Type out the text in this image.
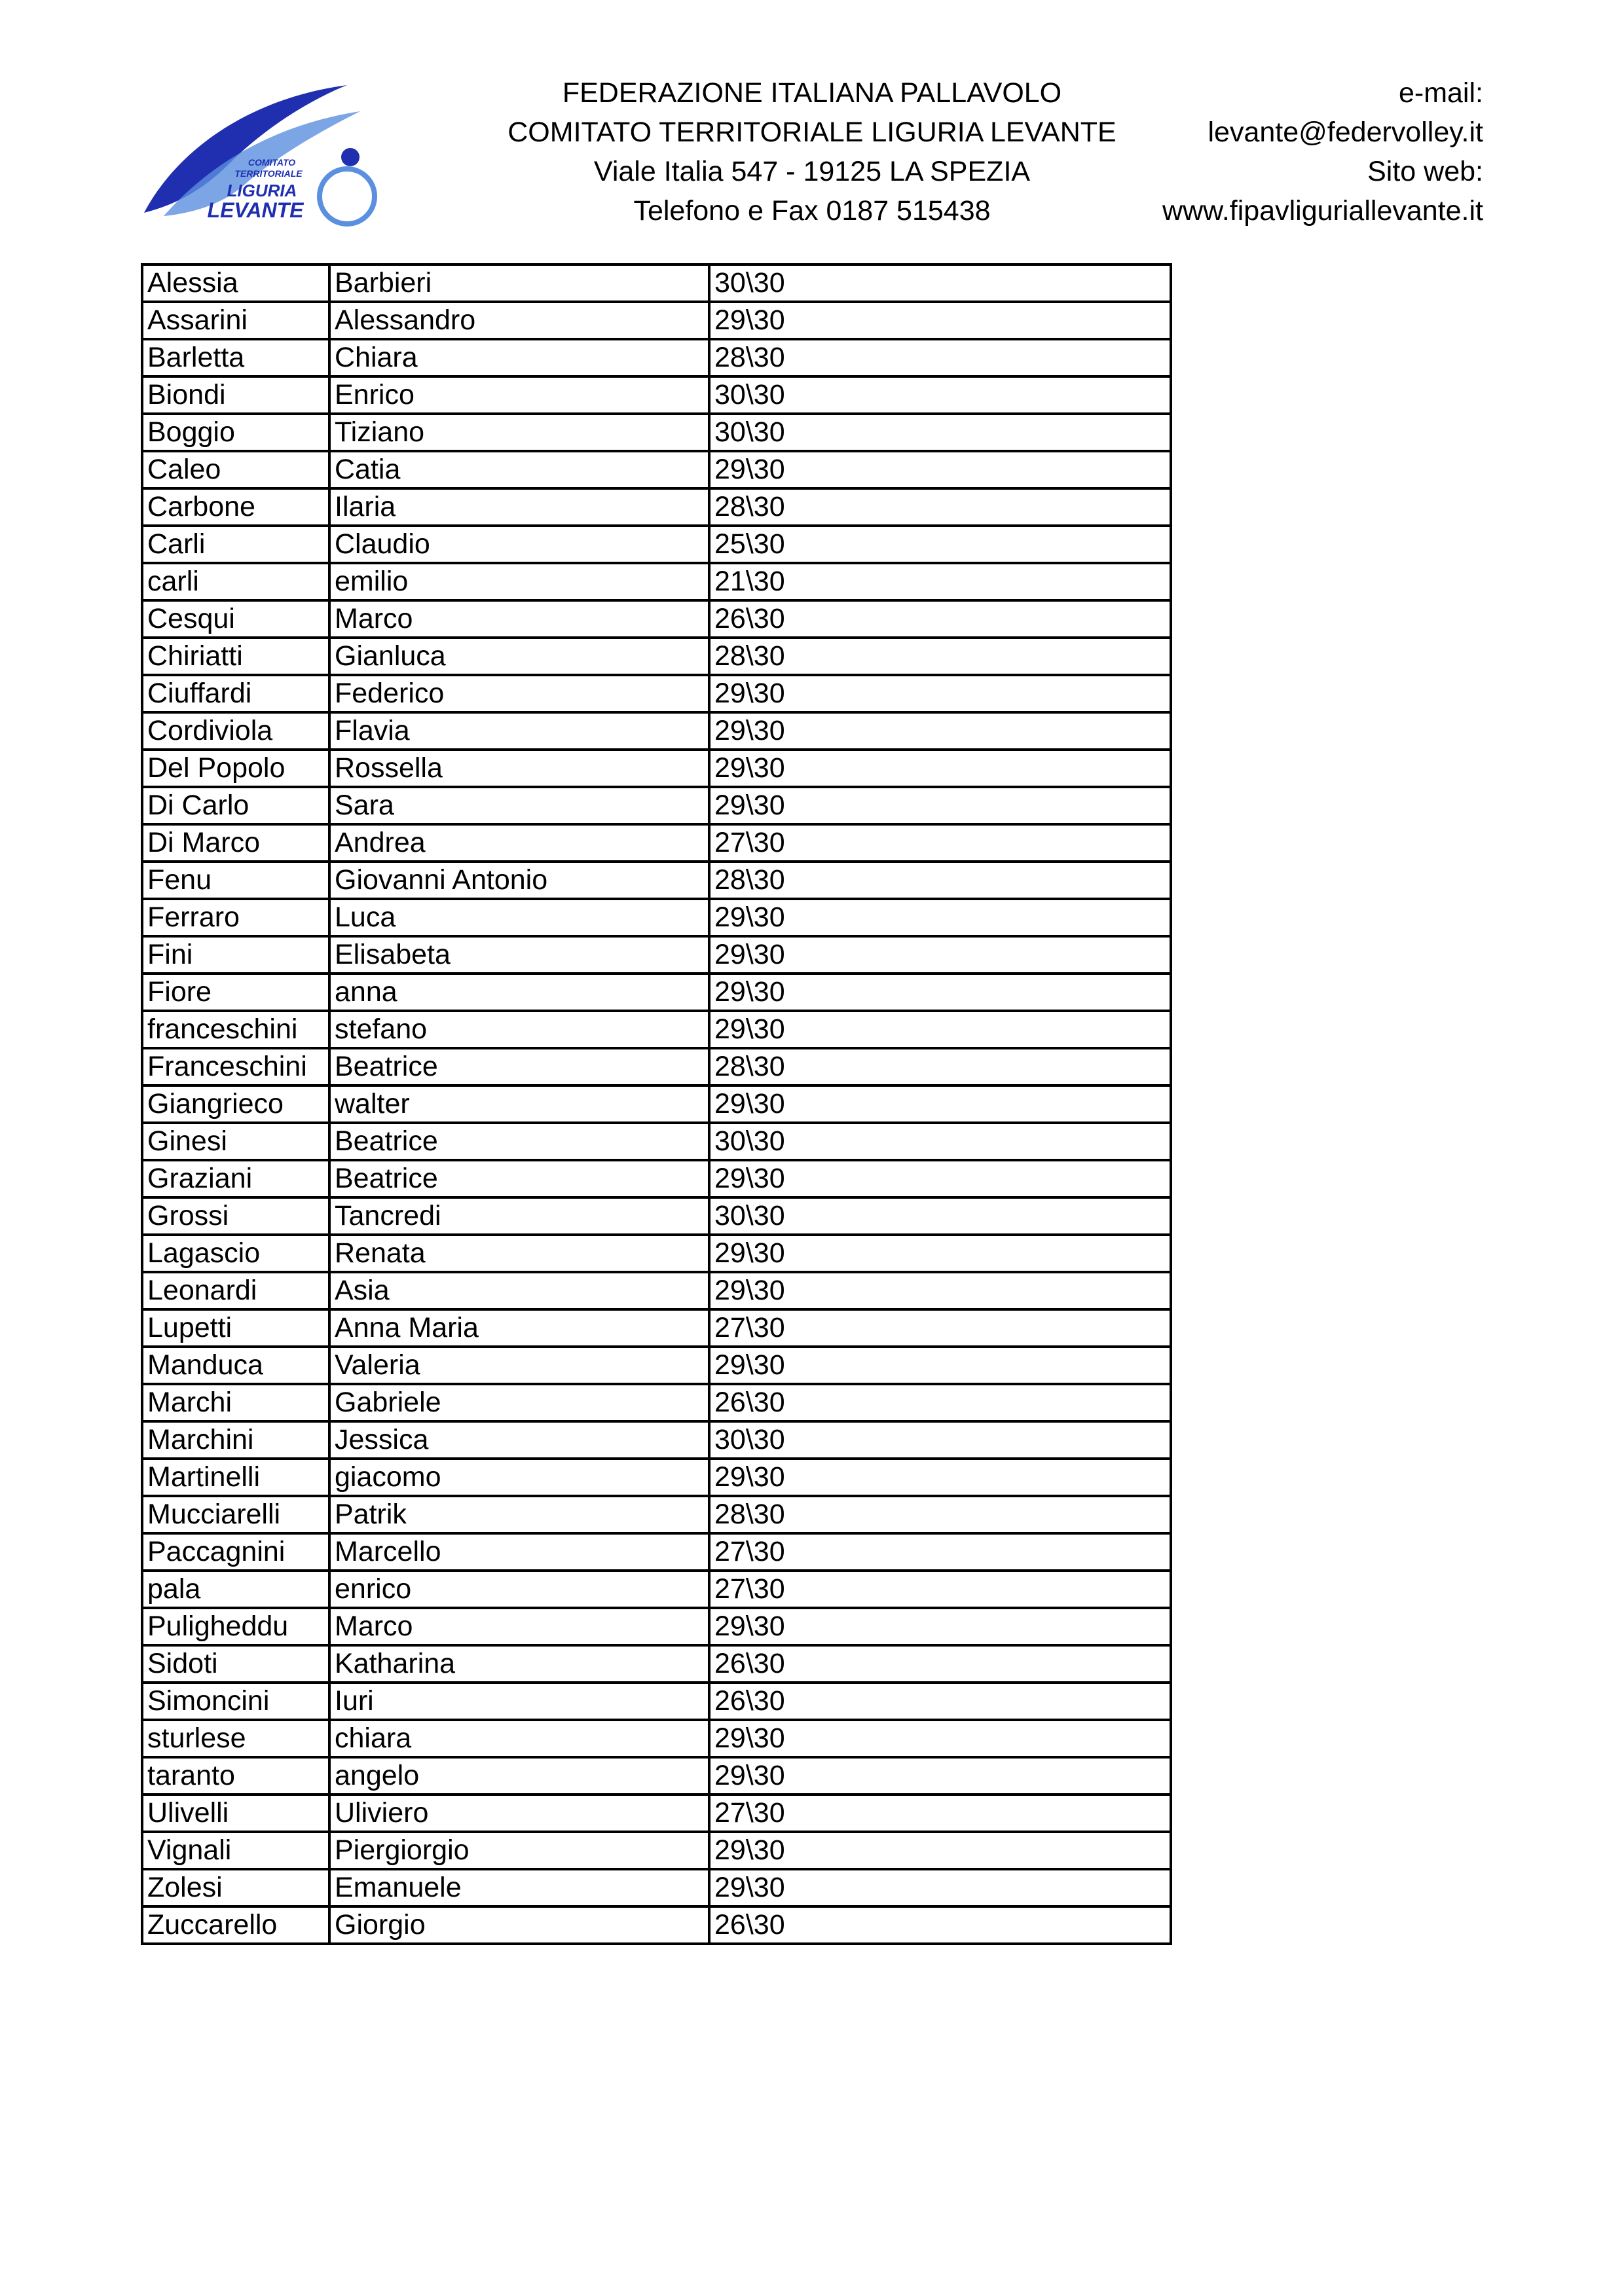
COMITATO
TERRITORIALE
LIGURIA
LEVANTE
FEDERAZIONE ITALIANA PALLAVOLO
COMITATO TERRITORIALE LIGURIA LEVANTE
Viale Italia 547 - 19125 LA SPEZIA
Telefono e Fax 0187 515438
e-mail:
levante@federvolley.it
Sito web:
www.fipavliguriallevante.it
Alessia	Barbieri	30\30
Assarini	Alessandro	29\30
Barletta	Chiara	28\30
Biondi	Enrico	30\30
Boggio	Tiziano	30\30
Caleo	Catia	29\30
Carbone	Ilaria	28\30
Carli	Claudio	25\30
carli	emilio	21\30
Cesqui	Marco	26\30
Chiriatti	Gianluca	28\30
Ciuffardi	Federico	29\30
Cordiviola	Flavia	29\30
Del Popolo	Rossella	29\30
Di Carlo	Sara	29\30
Di Marco	Andrea	27\30
Fenu	Giovanni Antonio	28\30
Ferraro	Luca	29\30
Fini	Elisabeta	29\30
Fiore	anna	29\30
franceschini	stefano	29\30
Franceschini	Beatrice	28\30
Giangrieco	walter	29\30
Ginesi	Beatrice	30\30
Graziani	Beatrice	29\30
Grossi	Tancredi	30\30
Lagascio	Renata	29\30
Leonardi	Asia	29\30
Lupetti	Anna Maria	27\30
Manduca	Valeria	29\30
Marchi	Gabriele	26\30
Marchini	Jessica	30\30
Martinelli	giacomo	29\30
Mucciarelli	Patrik	28\30
Paccagnini	Marcello	27\30
pala	enrico	27\30
Puligheddu	Marco	29\30
Sidoti	Katharina	26\30
Simoncini	Iuri	26\30
sturlese	chiara	29\30
taranto	angelo	29\30
Ulivelli	Uliviero	27\30
Vignali	Piergiorgio	29\30
Zolesi	Emanuele	29\30
Zuccarello	Giorgio	26\30
